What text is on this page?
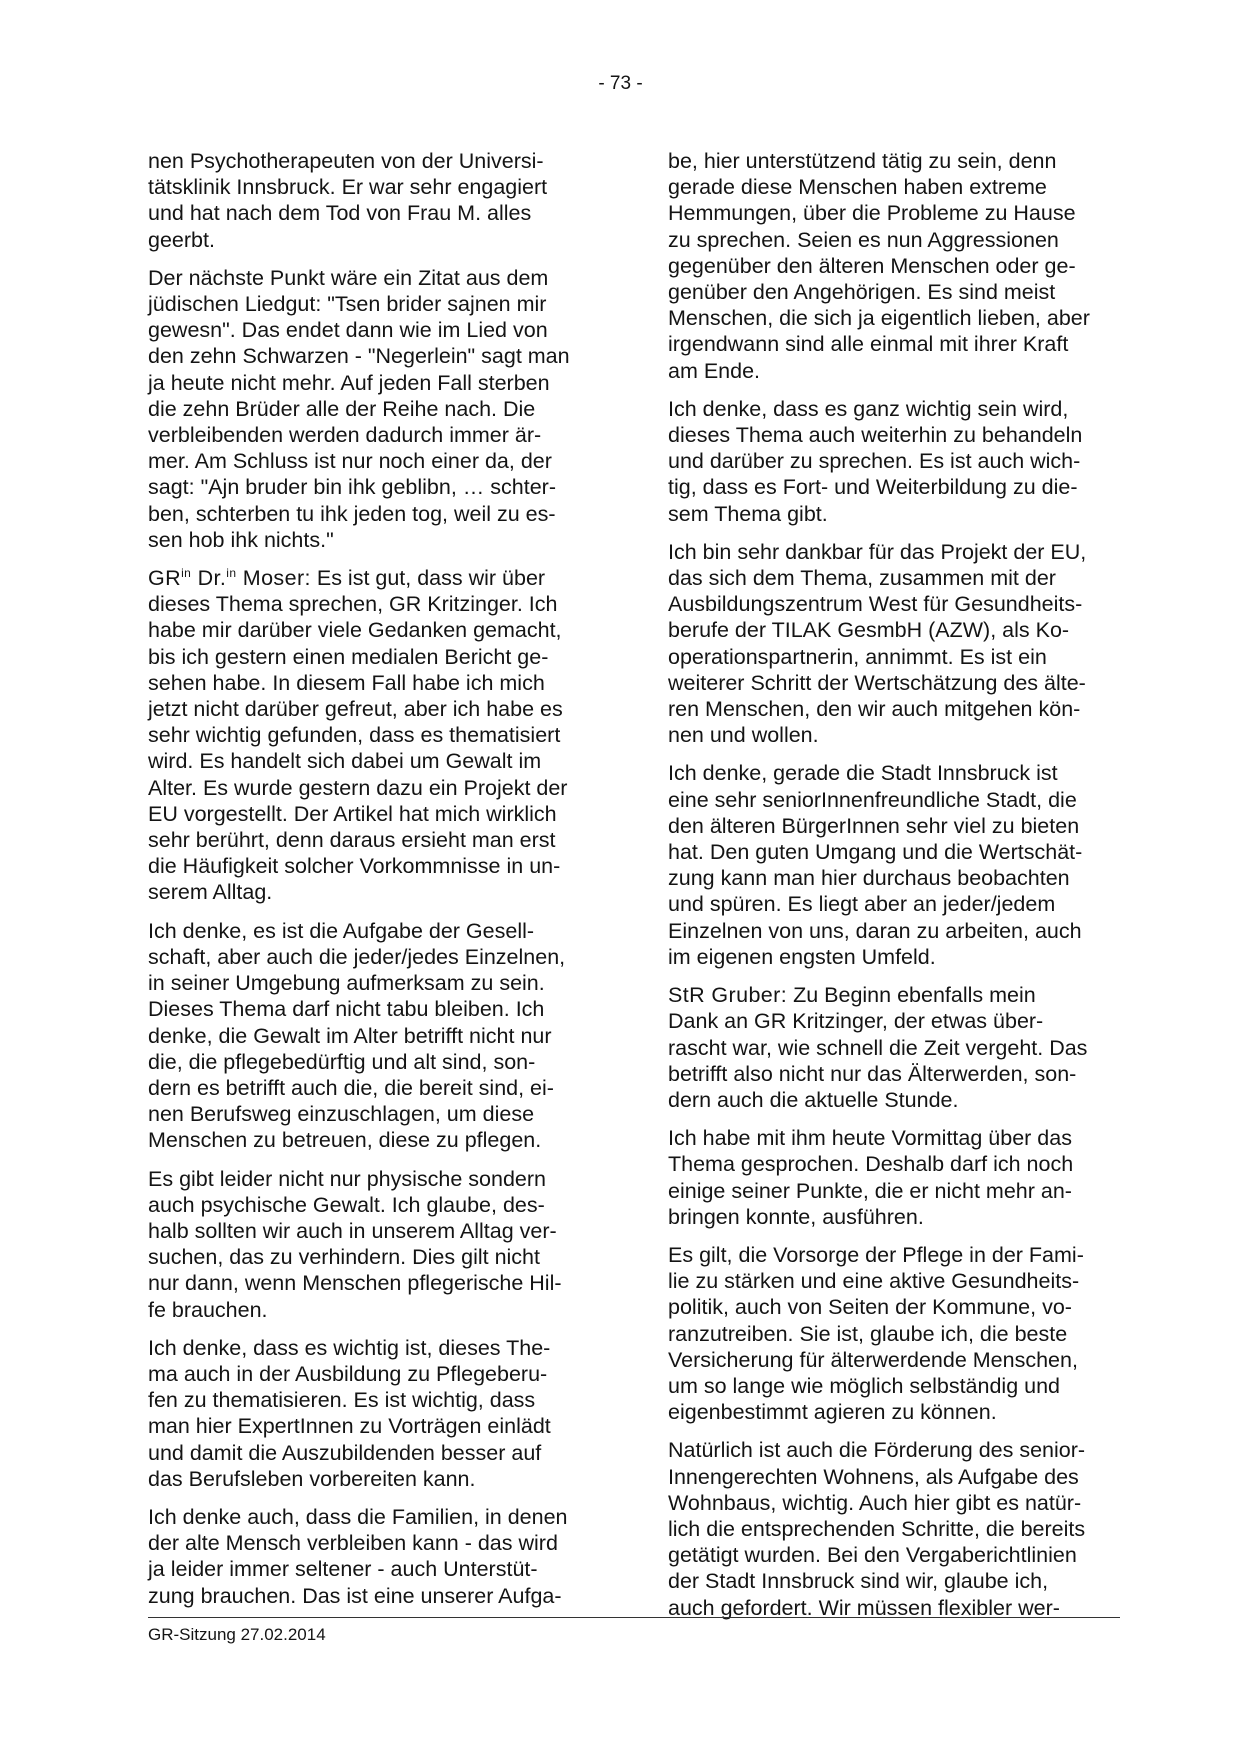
- 73 -

nen Psychotherapeuten von der Universi-
tätsklinik Innsbruck. Er war sehr engagiert
und hat nach dem Tod von Frau M. alles
geerbt.

Der nächste Punkt wäre ein Zitat aus dem
jüdischen Liedgut: "Tsen brider sajnen mir
gewesn". Das endet dann wie im Lied von
den zehn Schwarzen - "Negerlein" sagt man
ja heute nicht mehr. Auf jeden Fall sterben
die zehn Brüder alle der Reihe nach. Die
verbleibenden werden dadurch immer är-
mer. Am Schluss ist nur noch einer da, der
sagt: "Ajn bruder bin ihk geblibn, … schter-
ben, schterben tu ihk jeden tog, weil zu es-
sen hob ihk nichts."

$GR^{in}$ Dr.$^{in}$ Moser: Es ist gut, dass wir über
dieses Thema sprechen, GR Kritzinger. Ich
habe mir darüber viele Gedanken gemacht,
bis ich gestern einen medialen Bericht ge-
sehen habe. In diesem Fall habe ich mich
jetzt nicht darüber gefreut, aber ich habe es
sehr wichtig gefunden, dass es thematisiert
wird. Es handelt sich dabei um Gewalt im
Alter. Es wurde gestern dazu ein Projekt der
EU vorgestellt. Der Artikel hat mich wirklich
sehr berührt, denn daraus ersieht man erst
die Häufigkeit solcher Vorkommnisse in un-
serem Alltag.

Ich denke, es ist die Aufgabe der Gesell-
schaft, aber auch die jeder/jedes Einzelnen,
in seiner Umgebung aufmerksam zu sein.
Dieses Thema darf nicht tabu bleiben. Ich
denke, die Gewalt im Alter betrifft nicht nur
die, die pflegebedürftig und alt sind, son-
dern es betrifft auch die, die bereit sind, ei-
nen Berufsweg einzuschlagen, um diese
Menschen zu betreuen, diese zu pflegen.

Es gibt leider nicht nur physische sondern
auch psychische Gewalt. Ich glaube, des-
halb sollten wir auch in unserem Alltag ver-
suchen, das zu verhindern. Dies gilt nicht
nur dann, wenn Menschen pflegerische Hil-
fe brauchen.

Ich denke, dass es wichtig ist, dieses The-
ma auch in der Ausbildung zu Pflegeberu-
fen zu thematisieren. Es ist wichtig, dass
man hier ExpertInnen zu Vorträgen einlädt
und damit die Auszubildenden besser auf
das Berufsleben vorbereiten kann.

Ich denke auch, dass die Familien, in denen
der alte Mensch verbleiben kann - das wird
ja leider immer seltener - auch Unterstüt-
zung brauchen. Das ist eine unserer Aufga-

be, hier unterstützend tätig zu sein, denn
gerade diese Menschen haben extreme
Hemmungen, über die Probleme zu Hause
zu sprechen. Seien es nun Aggressionen
gegenüber den älteren Menschen oder ge-
genüber den Angehörigen. Es sind meist
Menschen, die sich ja eigentlich lieben, aber
irgendwann sind alle einmal mit ihrer Kraft
am Ende.

Ich denke, dass es ganz wichtig sein wird,
dieses Thema auch weiterhin zu behandeln
und darüber zu sprechen. Es ist auch wich-
tig, dass es Fort- und Weiterbildung zu die-
sem Thema gibt.

Ich bin sehr dankbar für das Projekt der EU,
das sich dem Thema, zusammen mit der
Ausbildungszentrum West für Gesundheits-
berufe der TILAK GesmbH (AZW), als Ko-
operationspartnerin, annimmt. Es ist ein
weiterer Schritt der Wertschätzung des älte-
ren Menschen, den wir auch mitgehen kön-
nen und wollen.

Ich denke, gerade die Stadt Innsbruck ist
eine sehr seniorInnenfreundliche Stadt, die
den älteren BürgerInnen sehr viel zu bieten
hat. Den guten Umgang und die Wertschät-
zung kann man hier durchaus beobachten
und spüren. Es liegt aber an jeder/jedem
Einzelnen von uns, daran zu arbeiten, auch
im eigenen engsten Umfeld.

StR Gruber: Zu Beginn ebenfalls mein
Dank an GR Kritzinger, der etwas über-
rascht war, wie schnell die Zeit vergeht. Das
betrifft also nicht nur das Älterwerden, son-
dern auch die aktuelle Stunde.

Ich habe mit ihm heute Vormittag über das
Thema gesprochen. Deshalb darf ich noch
einige seiner Punkte, die er nicht mehr an-
bringen konnte, ausführen.

Es gilt, die Vorsorge der Pflege in der Fami-
lie zu stärken und eine aktive Gesundheits-
politik, auch von Seiten der Kommune, vo-
ranzutreiben. Sie ist, glaube ich, die beste
Versicherung für älterwerdende Menschen,
um so lange wie möglich selbständig und
eigenbestimmt agieren zu können.

Natürlich ist auch die Förderung des senior-
Innengerechten Wohnens, als Aufgabe des
Wohnbaus, wichtig. Auch hier gibt es natür-
lich die entsprechenden Schritte, die bereits
getätigt wurden. Bei den Vergaberichtlinien
der Stadt Innsbruck sind wir, glaube ich,
auch gefordert. Wir müssen flexibler wer-

GR-Sitzung 27.02.2014
